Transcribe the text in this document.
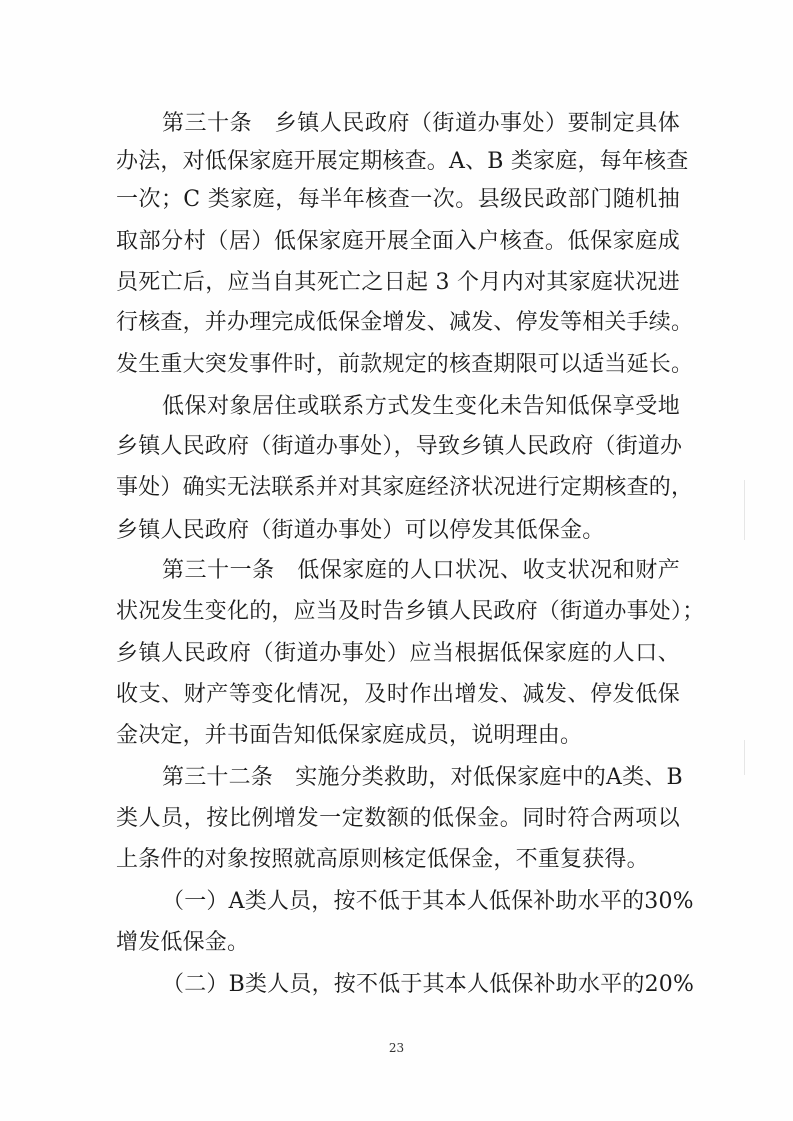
第三十条　乡镇人民政府（街道办事处）要制定具体
办法，对低保家庭开展定期核查。A、B 类家庭，每年核查
一次；C 类家庭，每半年核查一次。县级民政部门随机抽
取部分村（居）低保家庭开展全面入户核查。低保家庭成
员死亡后，应当自其死亡之日起 3 个月内对其家庭状况进
行核查，并办理完成低保金增发、减发、停发等相关手续。
发生重大突发事件时，前款规定的核查期限可以适当延长。
低保对象居住或联系方式发生变化未告知低保享受地
乡镇人民政府（街道办事处），导致乡镇人民政府（街道办
事处）确实无法联系并对其家庭经济状况进行定期核查的，
乡镇人民政府（街道办事处）可以停发其低保金。
第三十一条　低保家庭的人口状况、收支状况和财产
状况发生变化的，应当及时告乡镇人民政府（街道办事处）；
乡镇人民政府（街道办事处）应当根据低保家庭的人口、
收支、财产等变化情况，及时作出增发、减发、停发低保
金决定，并书面告知低保家庭成员，说明理由。
第三十二条　实施分类救助，对低保家庭中的A类、B
类人员，按比例增发一定数额的低保金。同时符合两项以
上条件的对象按照就高原则核定低保金，不重复获得。
（一）A类人员，按不低于其本人低保补助水平的30%
增发低保金。
（二）B类人员，按不低于其本人低保补助水平的20%
23
